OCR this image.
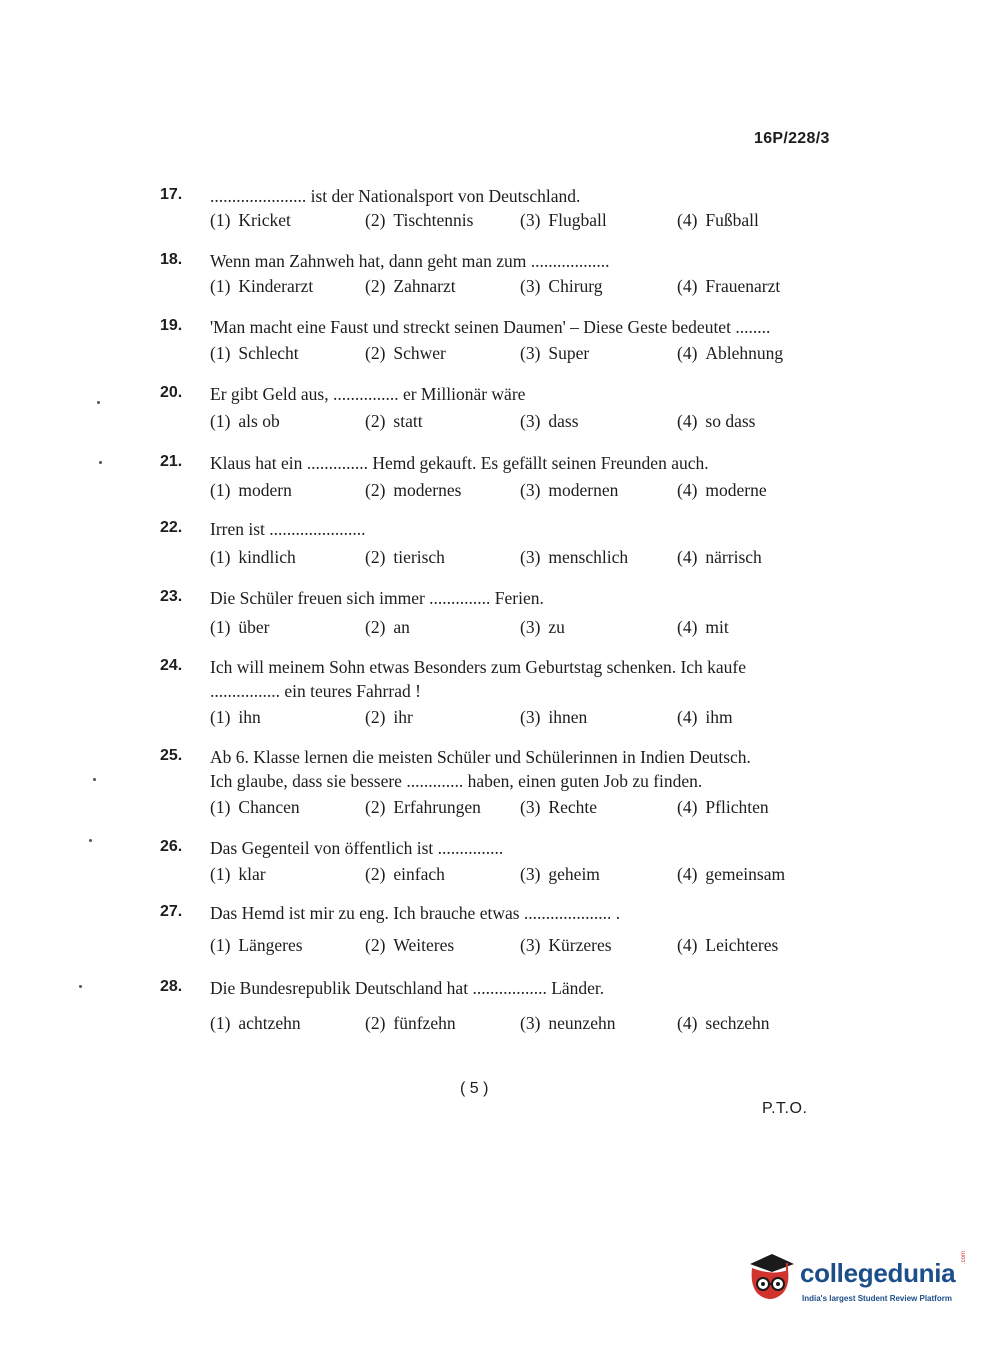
16P/228/3
17. ...................... ist der Nationalsport von Deutschland.
(1) Kricket	(2) Tischtennis	(3) Flugball	(4) Fußball
18. Wenn man Zahnweh hat, dann geht man zum ..................
(1) Kinderarzt	(2) Zahnarzt	(3) Chirurg	(4) Frauenarzt
19. 'Man macht eine Faust und streckt seinen Daumen' – Diese Geste bedeutet ........
(1) Schlecht	(2) Schwer	(3) Super	(4) Ablehnung
20. Er gibt Geld aus, ............... er Millionär wäre
(1) als ob	(2) statt	(3) dass	(4) so dass
21. Klaus hat ein .............. Hemd gekauft. Es gefällt seinen Freunden auch.
(1) modern	(2) modernes	(3) modernen	(4) moderne
22. Irren ist ......................
(1) kindlich	(2) tierisch	(3) menschlich	(4) närrisch
23. Die Schüler freuen sich immer .............. Ferien.
(1) über	(2) an	(3) zu	(4) mit
24. Ich will meinem Sohn etwas Besonders zum Geburtstag schenken. Ich kaufe
................ ein teures Fahrrad !
(1) ihn	(2) ihr	(3) ihnen	(4) ihm
25. Ab 6. Klasse lernen die meisten Schüler und Schülerinnen in Indien Deutsch.
Ich glaube, dass sie bessere ............. haben, einen guten Job zu finden.
(1) Chancen	(2) Erfahrungen (3) Rechte	(4) Pflichten
26. Das Gegenteil von öffentlich ist ...............
(1) klar	(2) einfach	(3) geheim	(4) gemeinsam
27. Das Hemd ist mir zu eng. Ich brauche etwas .................... .
(1) Längeres	(2) Weiteres	(3) Kürzeres	(4) Leichteres
28. Die Bundesrepublik Deutschland hat ................. Länder.
(1) achtzehn	(2) fünfzehn	(3) neunzehn	(4) sechzehn
( 5 )
P.T.O.
collegedunia
.com
India's largest Student Review Platform
